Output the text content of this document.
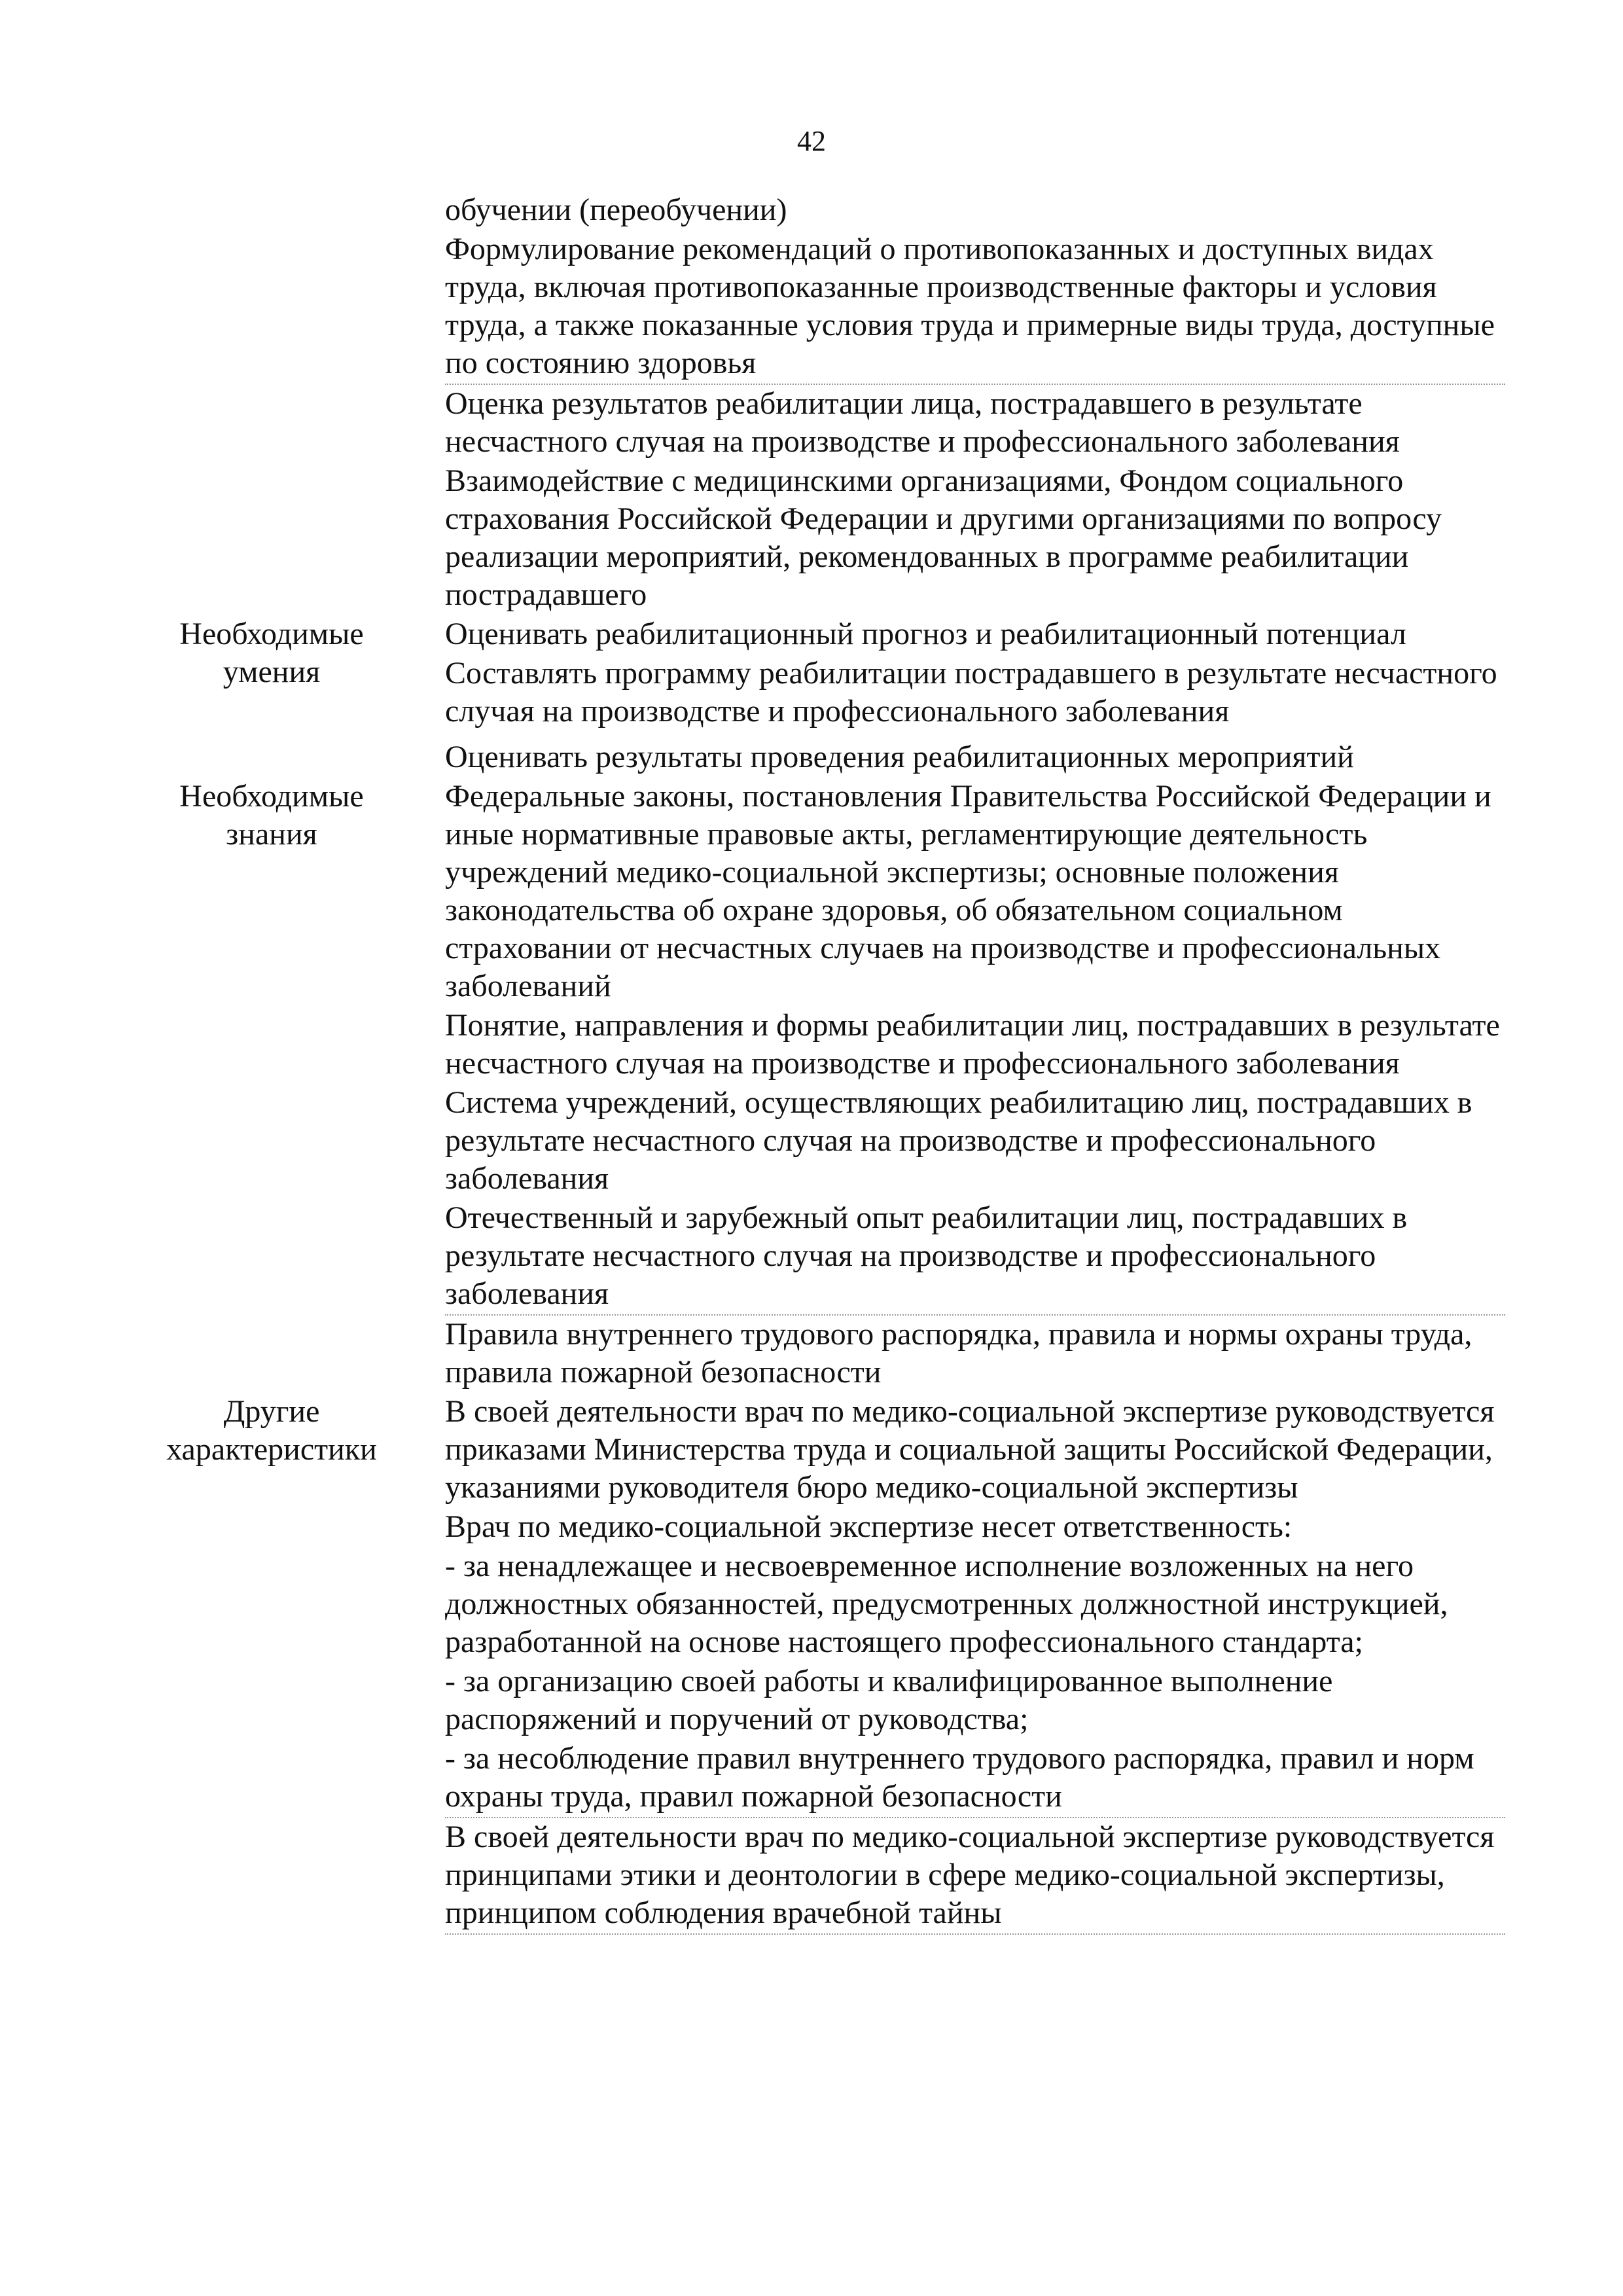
42
обучении (переобучении)
Формулирование рекомендаций о противопоказанных и доступных видах труда, включая противопоказанные производственные факторы и условия труда, а также показанные условия труда и примерные виды труда, доступные по состоянию здоровья
Оценка результатов реабилитации лица, пострадавшего в результате несчастного случая на производстве и профессионального заболевания
Взаимодействие с медицинскими организациями, Фондом социального страхования Российской Федерации и другими организациями по вопросу реализации мероприятий, рекомендованных в программе реабилитации пострадавшего
Необходимые умения
Оценивать реабилитационный прогноз и реабилитационный потенциал
Составлять программу реабилитации пострадавшего в результате несчастного случая на производстве и профессионального заболевания
Оценивать результаты проведения реабилитационных мероприятий
Необходимые знания
Федеральные законы, постановления Правительства Российской Федерации и иные нормативные правовые акты, регламентирующие деятельность учреждений медико-социальной экспертизы; основные положения законодательства об охране здоровья, об обязательном социальном страховании от несчастных случаев на производстве и профессиональных заболеваний
Понятие, направления и формы реабилитации лиц, пострадавших в результате несчастного случая на производстве и профессионального заболевания
Система учреждений, осуществляющих реабилитацию лиц, пострадавших в результате несчастного случая на производстве и профессионального заболевания
Отечественный и зарубежный опыт реабилитации лиц, пострадавших в результате несчастного случая на производстве и профессионального заболевания
Правила внутреннего трудового распорядка, правила и нормы охраны труда, правила пожарной безопасности
Другие характеристики
В своей деятельности врач по медико-социальной экспертизе руководствуется приказами Министерства труда и социальной защиты Российской Федерации, указаниями руководителя бюро медико-социальной экспертизы
Врач по медико-социальной экспертизе несет ответственность:
- за ненадлежащее и несвоевременное исполнение возложенных на него должностных обязанностей, предусмотренных должностной инструкцией, разработанной на основе настоящего профессионального стандарта;
- за организацию своей работы и квалифицированное выполнение распоряжений и поручений от руководства;
- за несоблюдение правил внутреннего трудового распорядка, правил и норм охраны труда, правил пожарной безопасности
В своей деятельности врач по медико-социальной экспертизе руководствуется принципами этики и деонтологии в сфере медико-социальной экспертизы, принципом соблюдения врачебной тайны
